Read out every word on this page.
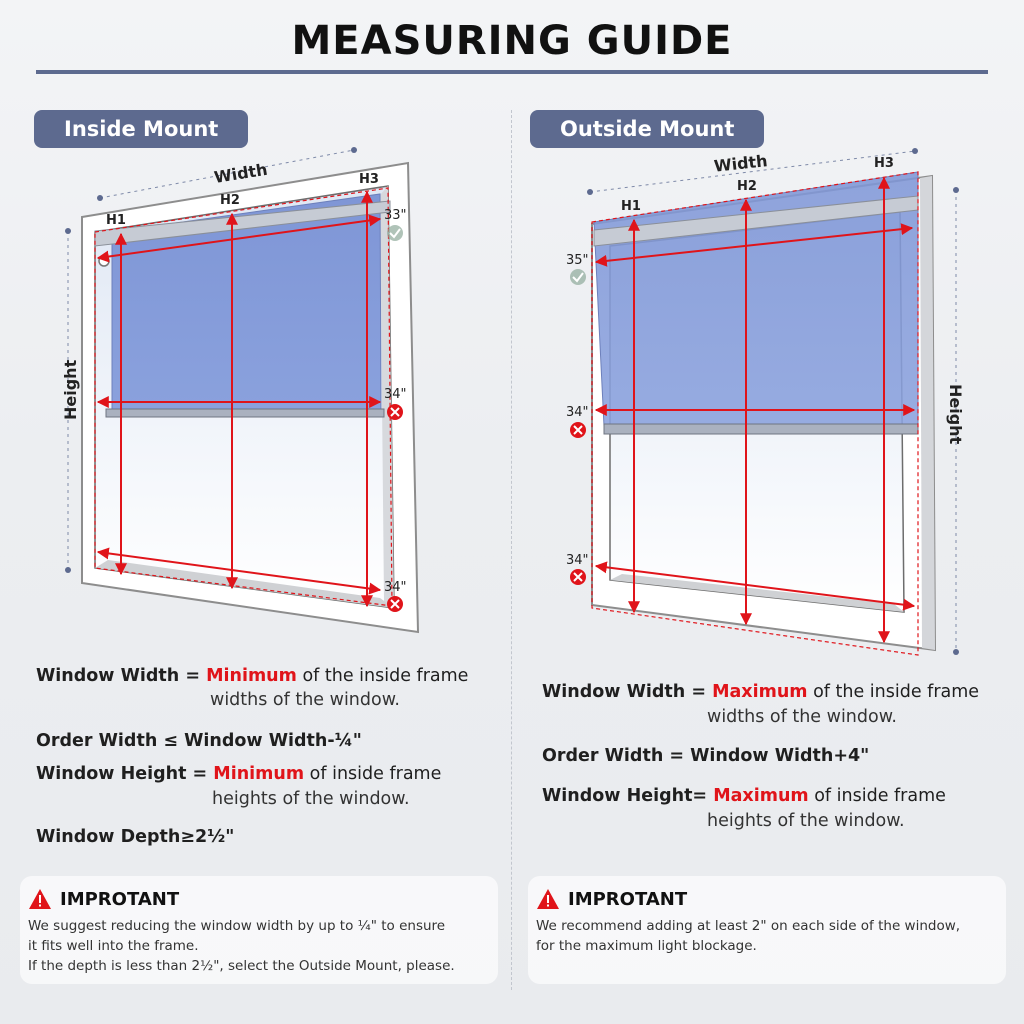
MEASURING GUIDE
Inside Mount	Outside Mount
Width
Height
H1
H2
H3
33"
34"
34"
Width
Height
H1
H2
H3
35"
34"
34"
Window Width = Minimum of the inside frame
widths of the window.
Order Width ≤ Window Width-¼"
Window Height = Minimum of inside frame
heights of the window.
Window Depth≥2½"
Window Width = Maximum of the inside frame
widths of the window.
Order Width = Window Width+4"
Window Height= Maximum of inside frame
heights of the window.
IMPROTANT
We suggest reducing the window width by up to ¼" to ensure
it fits well into the frame.
If the depth is less than 2½", select the Outside Mount, please.
IMPROTANT
We recommend adding at least 2" on each side of the window,
for the maximum light blockage.
